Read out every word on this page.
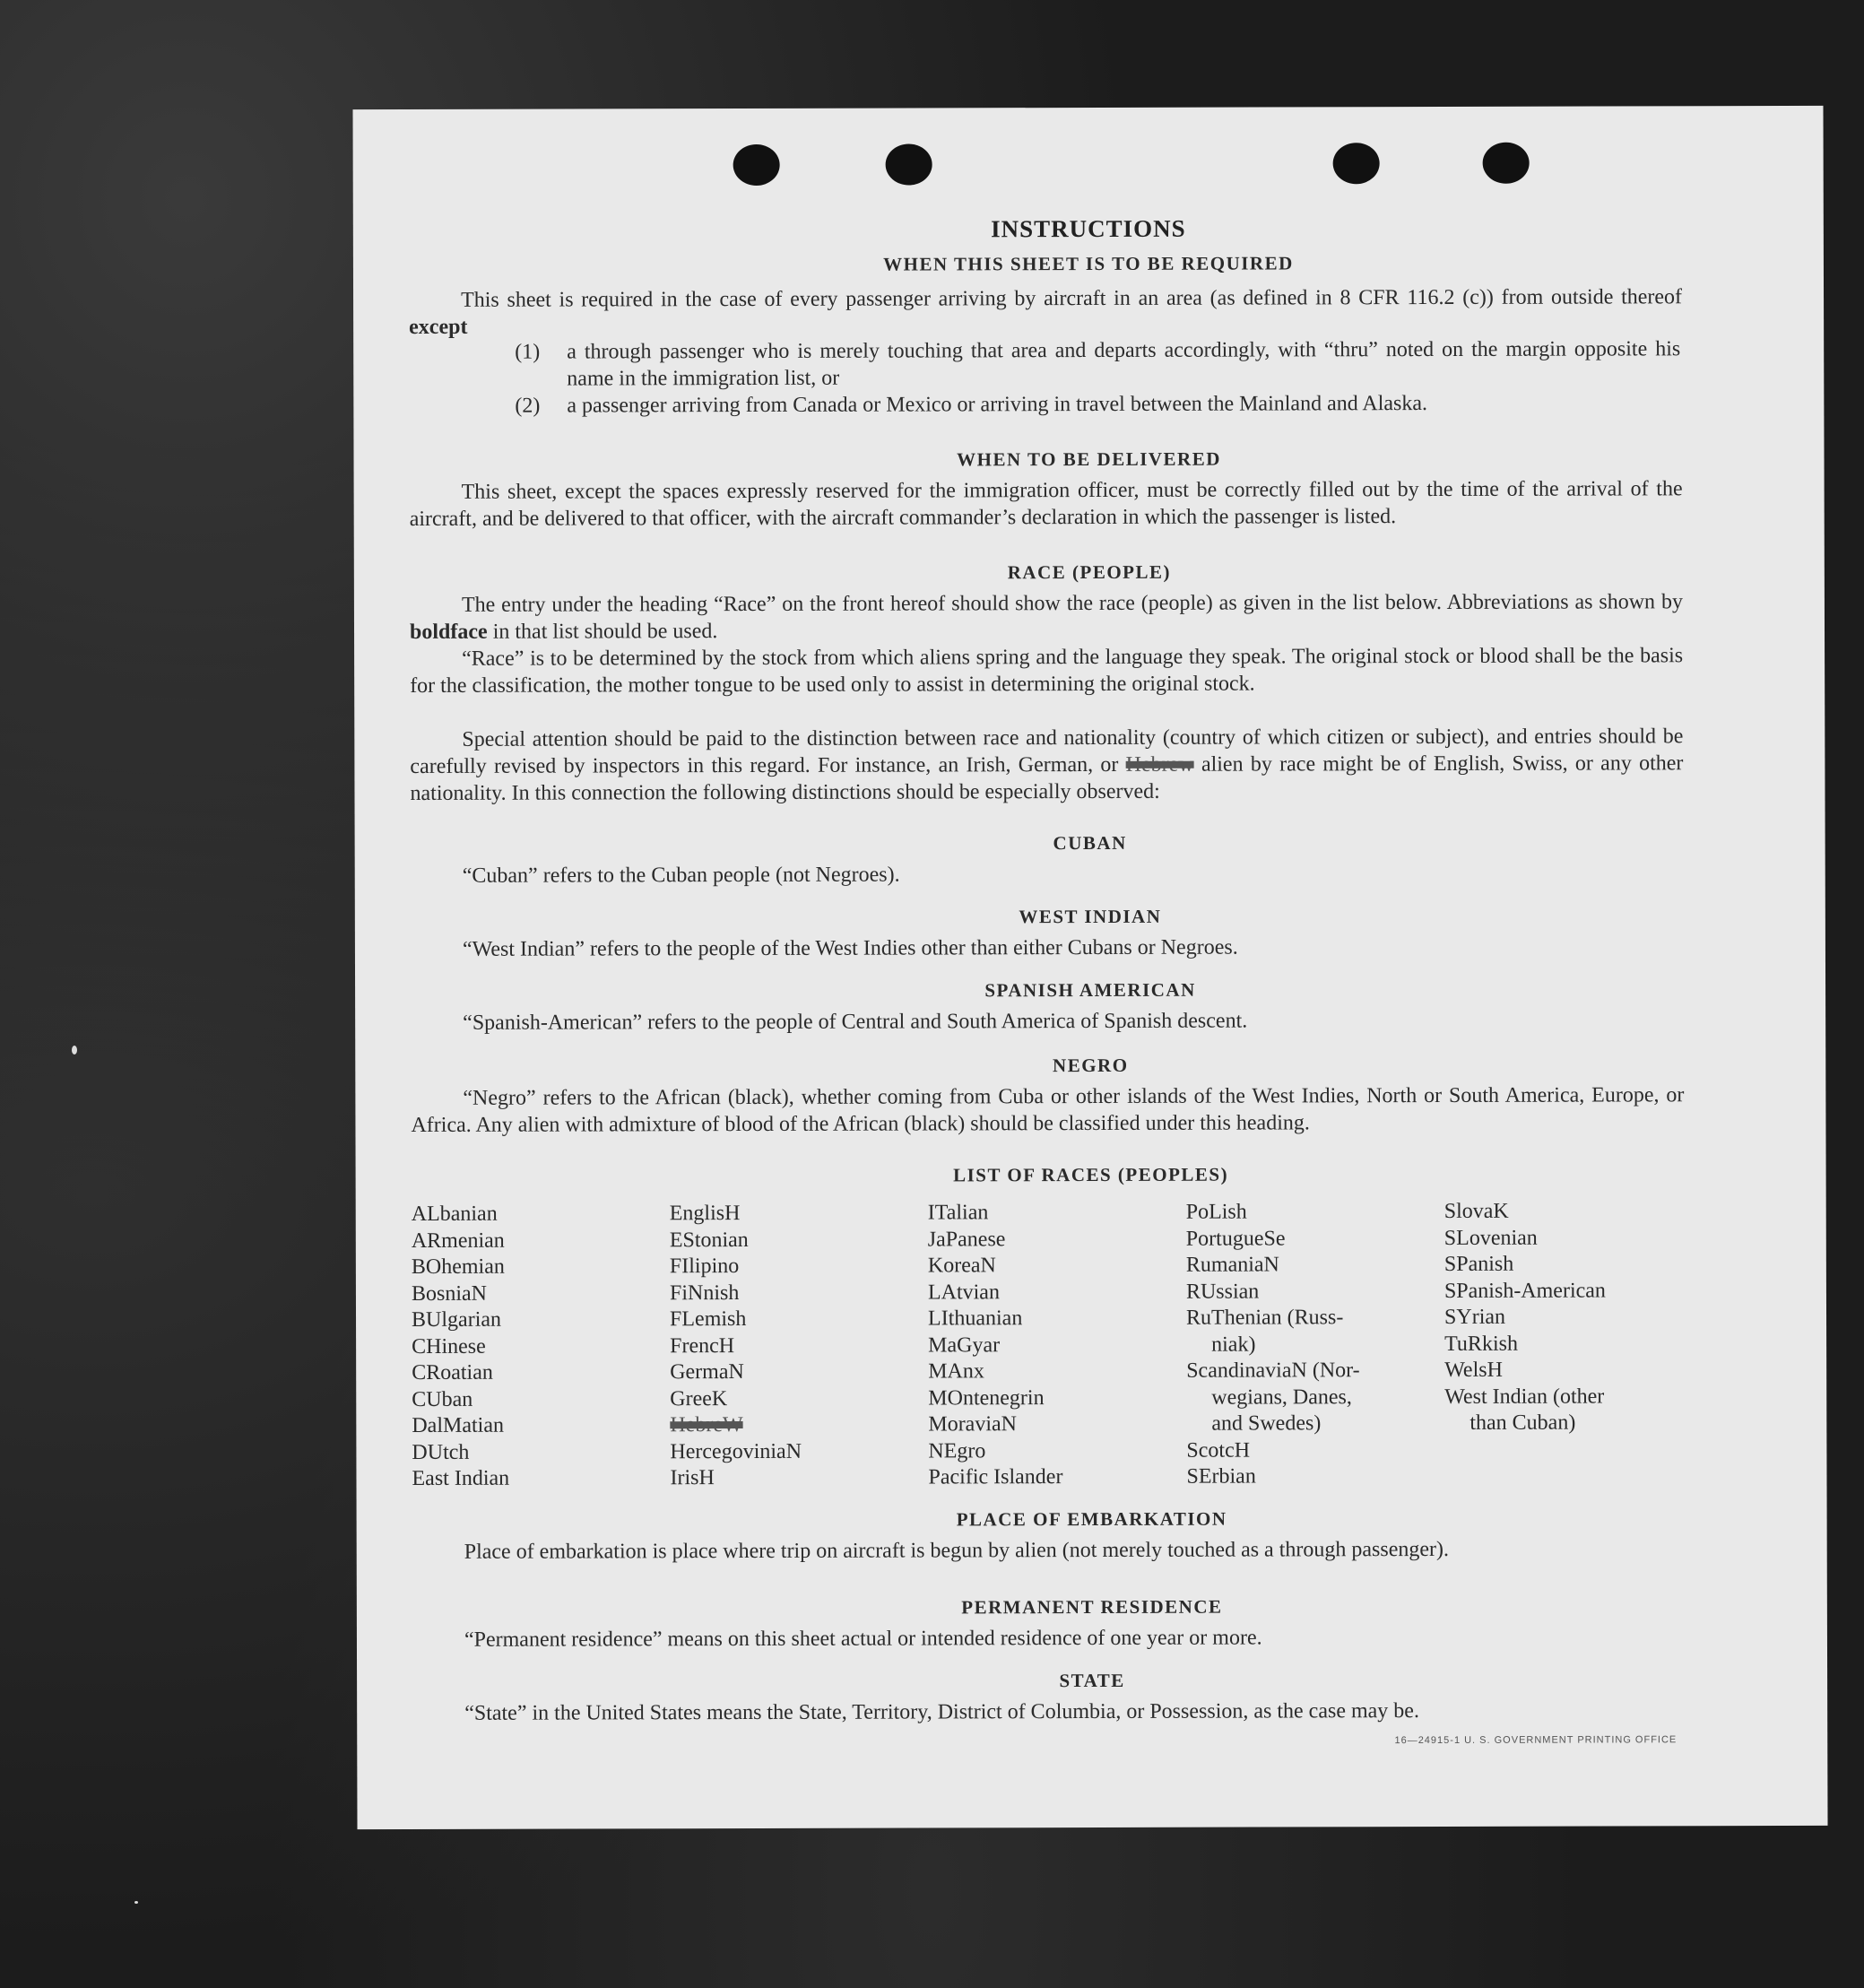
INSTRUCTIONS
WHEN THIS SHEET IS TO BE REQUIRED
This sheet is required in the case of every passenger arriving by aircraft in an area (as defined in 8 CFR 116.2 (c)) from outside thereof except
(1) a through passenger who is merely touching that area and departs accordingly, with “thru” noted on the margin opposite his name in the immigration list, or
(2) a passenger arriving from Canada or Mexico or arriving in travel between the Mainland and Alaska.
WHEN TO BE DELIVERED
This sheet, except the spaces expressly reserved for the immigration officer, must be correctly filled out by the time of the arrival of the aircraft, and be delivered to that officer, with the aircraft commander’s declaration in which the passenger is listed.
RACE (PEOPLE)
The entry under the heading “Race” on the front hereof should show the race (people) as given in the list below. Abbreviations as shown by boldface in that list should be used.
“Race” is to be determined by the stock from which aliens spring and the language they speak. The original stock or blood shall be the basis for the classification, the mother tongue to be used only to assist in determining the original stock.
Special attention should be paid to the distinction between race and nationality (country of which citizen or subject), and entries should be carefully revised by inspectors in this regard. For instance, an Irish, German, or Hebrew alien by race might be of English, Swiss, or any other nationality. In this connection the following distinctions should be especially observed:
CUBAN
“Cuban” refers to the Cuban people (not Negroes).
WEST INDIAN
“West Indian” refers to the people of the West Indies other than either Cubans or Negroes.
SPANISH AMERICAN
“Spanish-American” refers to the people of Central and South America of Spanish descent.
NEGRO
“Negro” refers to the African (black), whether coming from Cuba or other islands of the West Indies, North or South America, Europe, or Africa. Any alien with admixture of blood of the African (black) should be classified under this heading.
LIST OF RACES (PEOPLES)
ALbanian
ARmenian
BOhemian
BosniaN
BUlgarian
CHinese
CRoatian
CUban
DalMatian
DUtch
East Indian
EnglisH
EStonian
FIlipino
FiNnish
FLemish
FrencH
GermaN
GreeK
HebreW
HercegoviniaN
IrisH
ITalian
JaPanese
KoreaN
LAtvian
LIthuanian
MaGyar
MAnx
MOntenegrin
MoraviaN
NEgro
Pacific Islander
PoLish
PortugueSe
RumaniaN
RUssian
RuThenian (Russ-
niak)
ScandinaviaN (Nor-
wegians, Danes,
and Swedes)
ScotcH
SErbian
SlovaK
SLovenian
SPanish
SPanish-American
SYrian
TuRkish
WelsH
West Indian (other
than Cuban)
PLACE OF EMBARKATION
Place of embarkation is place where trip on aircraft is begun by alien (not merely touched as a through passenger).
PERMANENT RESIDENCE
“Permanent residence” means on this sheet actual or intended residence of one year or more.
STATE
“State” in the United States means the State, Territory, District of Columbia, or Possession, as the case may be.
16—24915-1 U. S. GOVERNMENT PRINTING OFFICE
